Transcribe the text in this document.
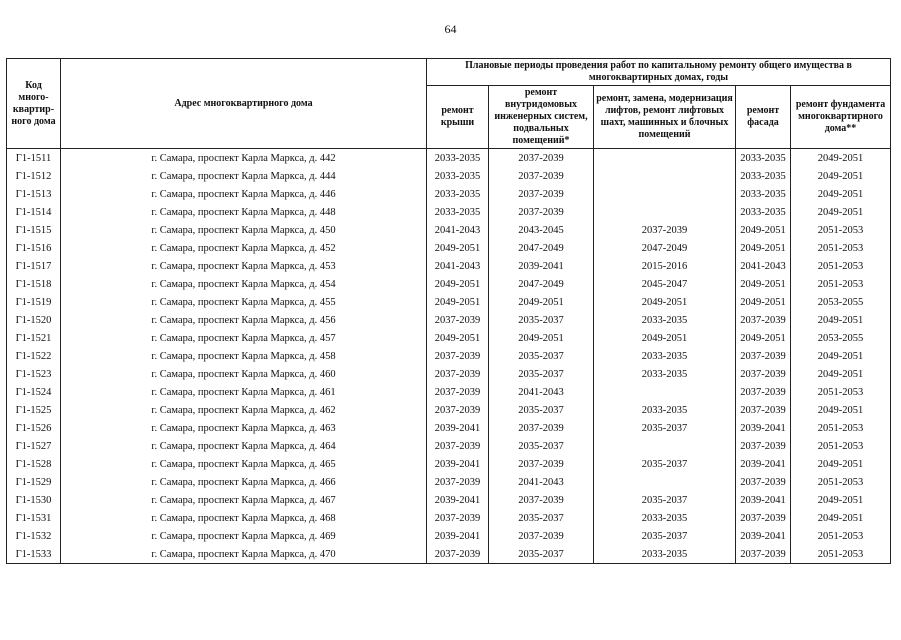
64
Код много-квартир-ного дома	Адрес многоквартирного дома	Плановые периоды проведения работ по капитальному ремонту общего имущества в многоквартирных домах, годы				
		ремонт крыши	ремонт внутридомовых инженерных систем, подвальных помещений*	ремонт, замена, модернизация лифтов, ремонт лифтовых шахт, машинных и блочных помещений	ремонт фасада	ремонт фундамента многоквартирного дома**
Г1-1511	г. Самара, проспект Карла Маркса, д. 442	2033-2035	2037-2039		2033-2035	2049-2051
Г1-1512	г. Самара, проспект Карла Маркса, д. 444	2033-2035	2037-2039		2033-2035	2049-2051
Г1-1513	г. Самара, проспект Карла Маркса, д. 446	2033-2035	2037-2039		2033-2035	2049-2051
Г1-1514	г. Самара, проспект Карла Маркса, д. 448	2033-2035	2037-2039		2033-2035	2049-2051
Г1-1515	г. Самара, проспект Карла Маркса, д. 450	2041-2043	2043-2045	2037-2039	2049-2051	2051-2053
Г1-1516	г. Самара, проспект Карла Маркса, д. 452	2049-2051	2047-2049	2047-2049	2049-2051	2051-2053
Г1-1517	г. Самара, проспект Карла Маркса, д. 453	2041-2043	2039-2041	2015-2016	2041-2043	2051-2053
Г1-1518	г. Самара, проспект Карла Маркса, д. 454	2049-2051	2047-2049	2045-2047	2049-2051	2051-2053
Г1-1519	г. Самара, проспект Карла Маркса, д. 455	2049-2051	2049-2051	2049-2051	2049-2051	2053-2055
Г1-1520	г. Самара, проспект Карла Маркса, д. 456	2037-2039	2035-2037	2033-2035	2037-2039	2049-2051
Г1-1521	г. Самара, проспект Карла Маркса, д. 457	2049-2051	2049-2051	2049-2051	2049-2051	2053-2055
Г1-1522	г. Самара, проспект Карла Маркса, д. 458	2037-2039	2035-2037	2033-2035	2037-2039	2049-2051
Г1-1523	г. Самара, проспект Карла Маркса, д. 460	2037-2039	2035-2037	2033-2035	2037-2039	2049-2051
Г1-1524	г. Самара, проспект Карла Маркса, д. 461	2037-2039	2041-2043		2037-2039	2051-2053
Г1-1525	г. Самара, проспект Карла Маркса, д. 462	2037-2039	2035-2037	2033-2035	2037-2039	2049-2051
Г1-1526	г. Самара, проспект Карла Маркса, д. 463	2039-2041	2037-2039	2035-2037	2039-2041	2051-2053
Г1-1527	г. Самара, проспект Карла Маркса, д. 464	2037-2039	2035-2037		2037-2039	2051-2053
Г1-1528	г. Самара, проспект Карла Маркса, д. 465	2039-2041	2037-2039	2035-2037	2039-2041	2049-2051
Г1-1529	г. Самара, проспект Карла Маркса, д. 466	2037-2039	2041-2043		2037-2039	2051-2053
Г1-1530	г. Самара, проспект Карла Маркса, д. 467	2039-2041	2037-2039	2035-2037	2039-2041	2049-2051
Г1-1531	г. Самара, проспект Карла Маркса, д. 468	2037-2039	2035-2037	2033-2035	2037-2039	2049-2051
Г1-1532	г. Самара, проспект Карла Маркса, д. 469	2039-2041	2037-2039	2035-2037	2039-2041	2051-2053
Г1-1533	г. Самара, проспект Карла Маркса, д. 470	2037-2039	2035-2037	2033-2035	2037-2039	2051-2053
